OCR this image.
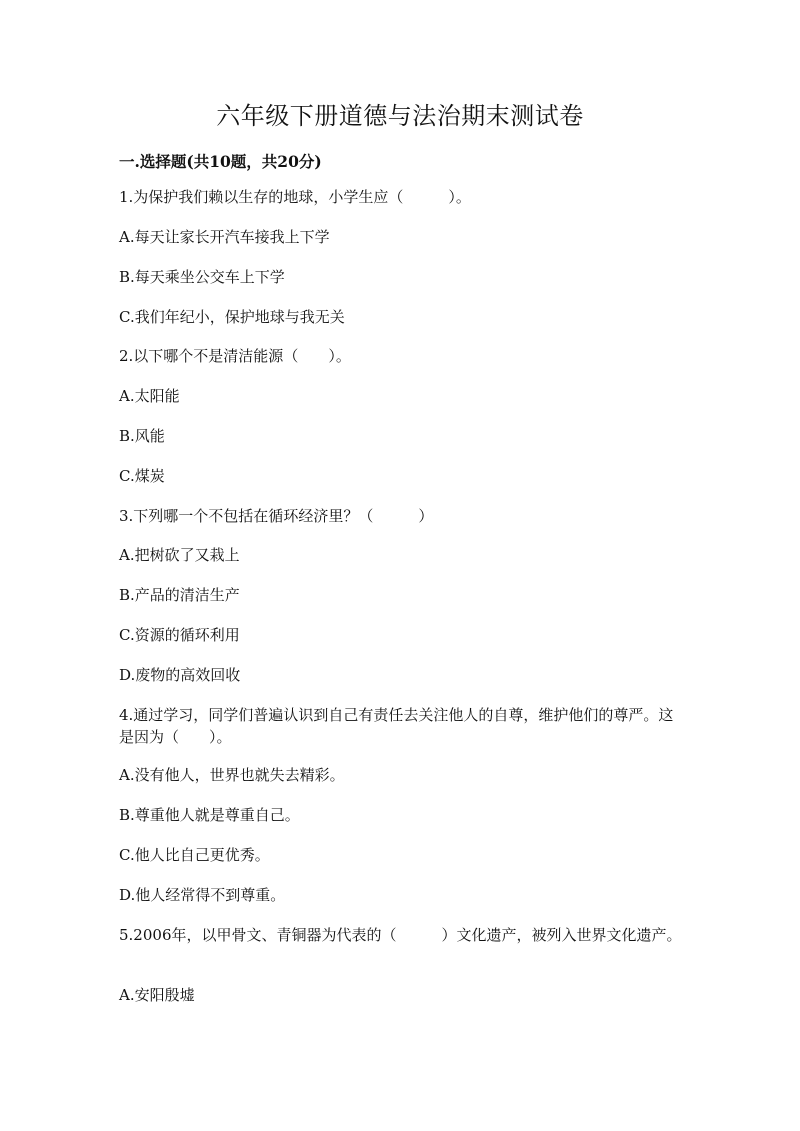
六年级下册道德与法治期末测试卷
一.选择题(共10题，共20分)
1.为保护我们赖以生存的地球，小学生应（　　　）。
A.每天让家长开汽车接我上下学
B.每天乘坐公交车上下学
C.我们年纪小，保护地球与我无关
2.以下哪个不是清洁能源（　　）。
A.太阳能
B.风能
C.煤炭
3.下列哪一个不包括在循环经济里？（　　　）
A.把树砍了又栽上
B.产品的清洁生产
C.资源的循环利用
D.废物的高效回收
4.通过学习，同学们普遍认识到自己有责任去关注他人的自尊，维护他们的尊严。这是因为（　　）。
A.没有他人，世界也就失去精彩。
B.尊重他人就是尊重自己。
C.他人比自己更优秀。
D.他人经常得不到尊重。
5.2006年，以甲骨文、青铜器为代表的（　　　）文化遗产，被列入世界文化遗产。
A.安阳殷墟
